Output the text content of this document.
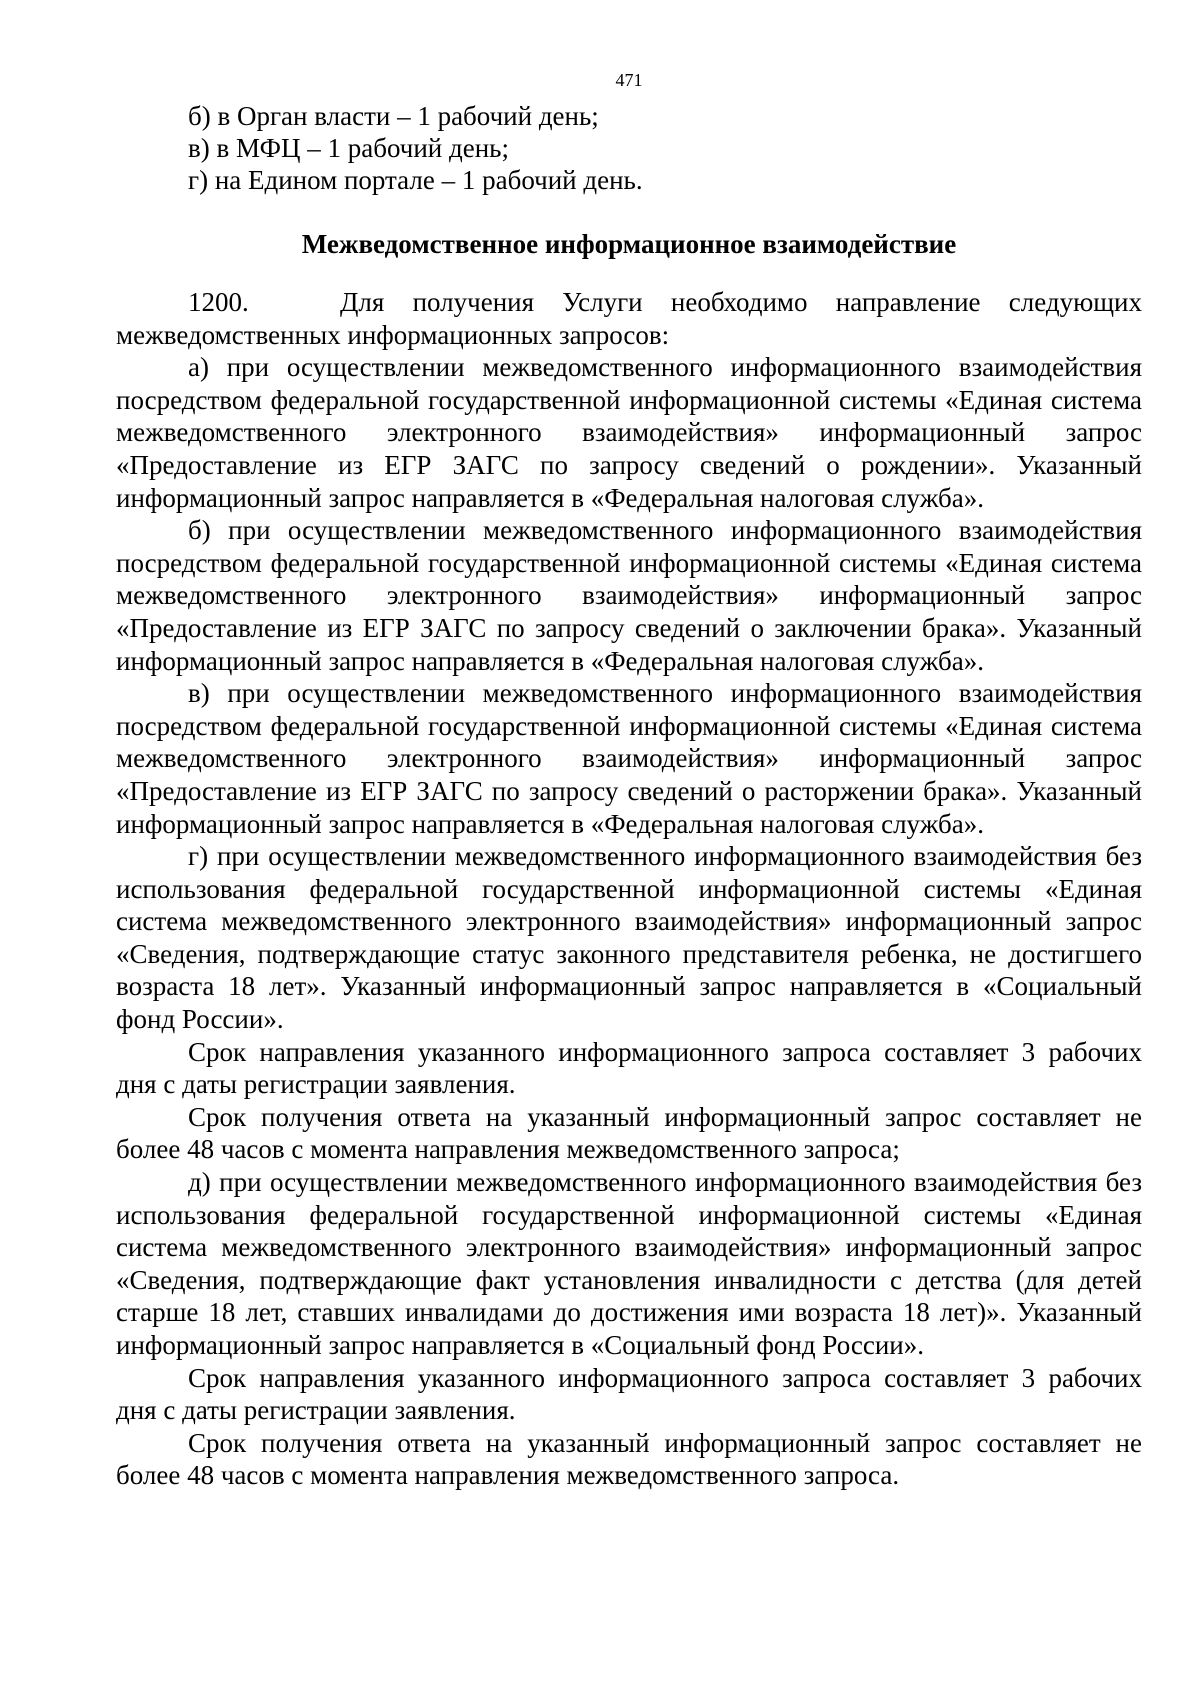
471
б) в Орган власти – 1 рабочий день;
в) в МФЦ – 1 рабочий день;
г) на Едином портале – 1 рабочий день.
Межведомственное информационное взаимодействие

1200.	Для получения Услуги необходимо направление следующих межведомственных информационных запросов:

а) при осуществлении межведомственного информационного взаимодействия посредством федеральной государственной информационной системы «Единая система межведомственного электронного взаимодействия» информационный запрос «Предоставление из ЕГР ЗАГС по запросу сведений о рождении». Указанный информационный запрос направляется в «Федеральная налоговая служба».

б) при осуществлении межведомственного информационного взаимодействия посредством федеральной государственной информационной системы «Единая система межведомственного электронного взаимодействия» информационный запрос «Предоставление из ЕГР ЗАГС по запросу сведений о заключении брака». Указанный информационный запрос направляется в «Федеральная налоговая служба».

в) при осуществлении межведомственного информационного взаимодействия посредством федеральной государственной информационной системы «Единая система межведомственного электронного взаимодействия» информационный запрос «Предоставление из ЕГР ЗАГС по запросу сведений о расторжении брака». Указанный информационный запрос направляется в «Федеральная налоговая служба».

г) при осуществлении межведомственного информационного взаимодействия без использования федеральной государственной информационной системы «Единая система межведомственного электронного взаимодействия» информационный запрос «Сведения, подтверждающие статус законного представителя ребенка, не достигшего возраста 18 лет». Указанный информационный запрос направляется в «Социальный фонд России».

Срок направления указанного информационного запроса составляет 3 рабочих дня с даты регистрации заявления.

Срок получения ответа на указанный информационный запрос составляет не более 48 часов с момента направления межведомственного запроса;

д) при осуществлении межведомственного информационного взаимодействия без использования федеральной государственной информационной системы «Единая система межведомственного электронного взаимодействия» информационный запрос «Сведения, подтверждающие факт установления инвалидности с детства (для детей старше 18 лет, ставших инвалидами до достижения ими возраста 18 лет)». Указанный информационный запрос направляется в «Социальный фонд России».

Срок направления указанного информационного запроса составляет 3 рабочих дня с даты регистрации заявления.

Срок получения ответа на указанный информационный запрос составляет не более 48 часов с момента направления межведомственного запроса.
